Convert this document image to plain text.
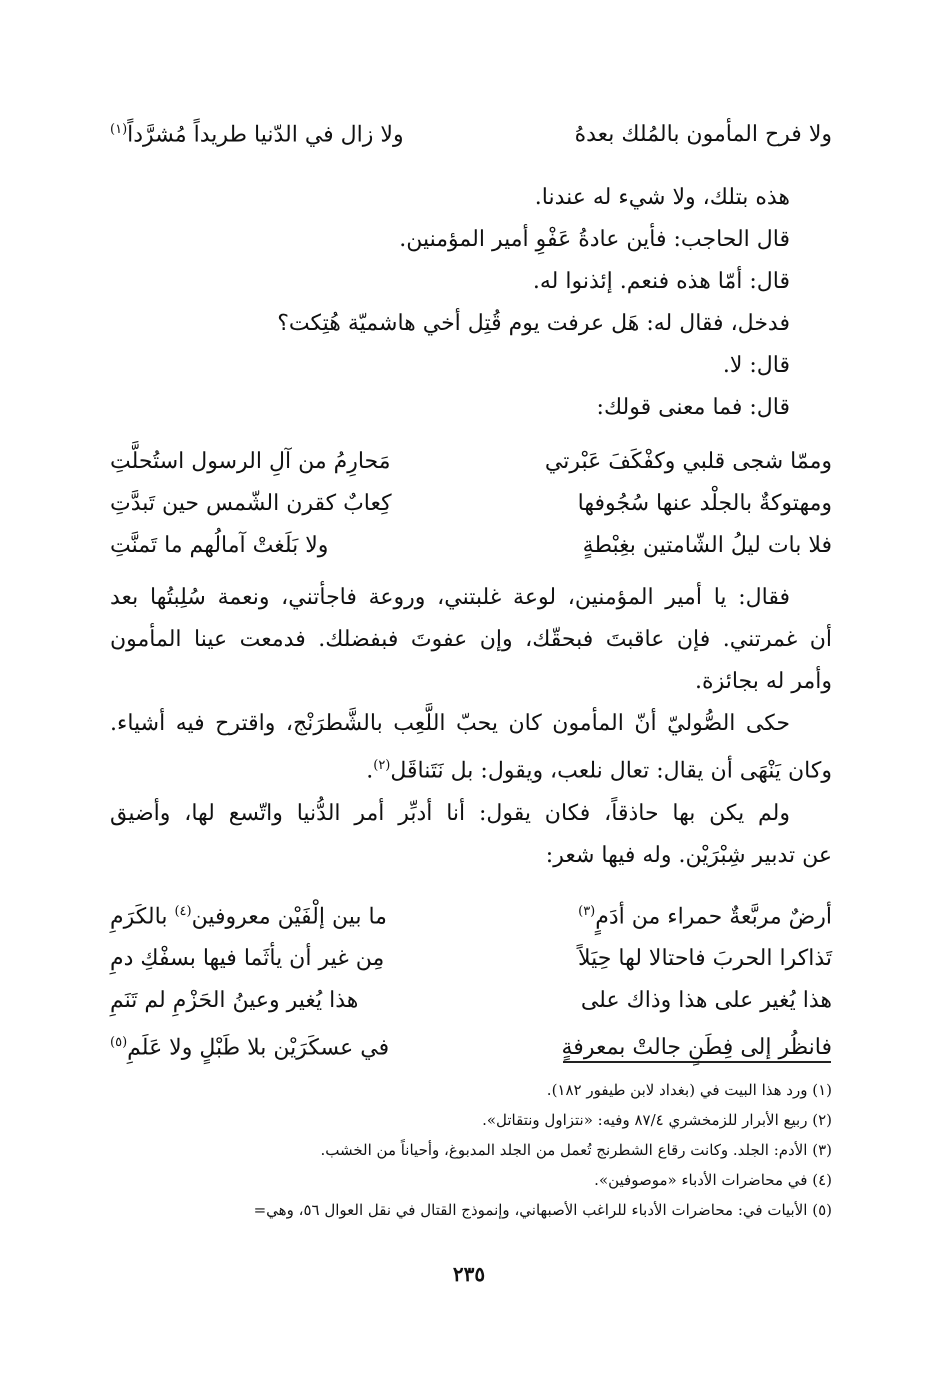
ولا فرح المأمون بالمُلك بعدهُ
ولا زال في الدّنيا طريداً مُشرَّداً$^{(١)}$
هذه بتلك، ولا شيء له عندنا.
قال الحاجب: فأين عادةُ عَفْوِ أمير المؤمنين.
قال: أمّا هذه فنعم. إئذنوا له.
فدخل، فقال له: هَل عرفت يوم قُتِل أخي هاشميّة هُتِكت؟
قال: لا.
قال: فما معنى قولك:
وممّا شجى قلبي وكفْكَفَ عَبْرتي
مَحارِمُ من آلِ الرسول استُحلَّتِ
ومهتوكةٌ بالجلْد عنها سُجُوفها
كِعابٌ كقرن الشّمس حين تَبدَّتِ
فلا بات ليلُ الشّامتين بغِبْطةٍ
ولا بَلَغتْ آمالُهم ما تَمنَّتِ
فقال: يا أمير المؤمنين، لوعة غلبتني، وروعة فاجأتني، ونعمة سُلِبتُها بعد
أن غمرتني. فإن عاقبتَ فبحقّك، وإن عفوتَ فبفضلك. فدمعت عينا المأمون
وأمر له بجائزة.
حكى الصُّوليّ أنّ المأمون كان يحبّ اللَّعِب بالشَّطرَنْج، واقترح فيه أشياء.
وكان يَنْهَى أن يقال: تعال نلعب، ويقول: بل نَتَناقَل$^{(٢)}$.
ولم يكن بها حاذقاً، فكان يقول: أنا أدبِّر أمر الدُّنيا واتّسع لها، وأضيق
عن تدبير شِبْرَيْن. وله فيها شعر:
أرضٌ مربَّعةٌ حمراء من أدَمٍ$^{(٣)}$
ما بين إلْفَيْن معروفين$^{(٤)}$ بالكَرَمِ
تَذاكرا الحربَ فاحتالا لها حِيَلاً
مِن غير أن يأثَما فيها بسفْكِ دمِ
هذا يُغير على هذا وذاك على
هذا يُغير وعينُ الحَزْمِ لم تَنَمِ
فانظُر إلى فِطَنٍ جالتْ بمعرفةٍ
في عسكَرَيْن بلا طَبْلٍ ولا عَلَمِ$^{(٥)}$
(١) ورد هذا البيت في (بغداد لابن طيفور ١٨٢).
(٢) ربيع الأبرار للزمخشري ٨٧/٤ وفيه: «نتزاول ونتقاتل».
(٣) الأدم: الجلد. وكانت رقاع الشطرنج تُعمل من الجلد المدبوغ، وأحياناً من الخشب.
(٤) في محاضرات الأدباء «موصوفين».
(٥) الأبيات في: محاضرات الأدباء للراغب الأصبهاني، وإنموذج القتال في نقل العوال ٥٦، وهي=
٢٣٥
